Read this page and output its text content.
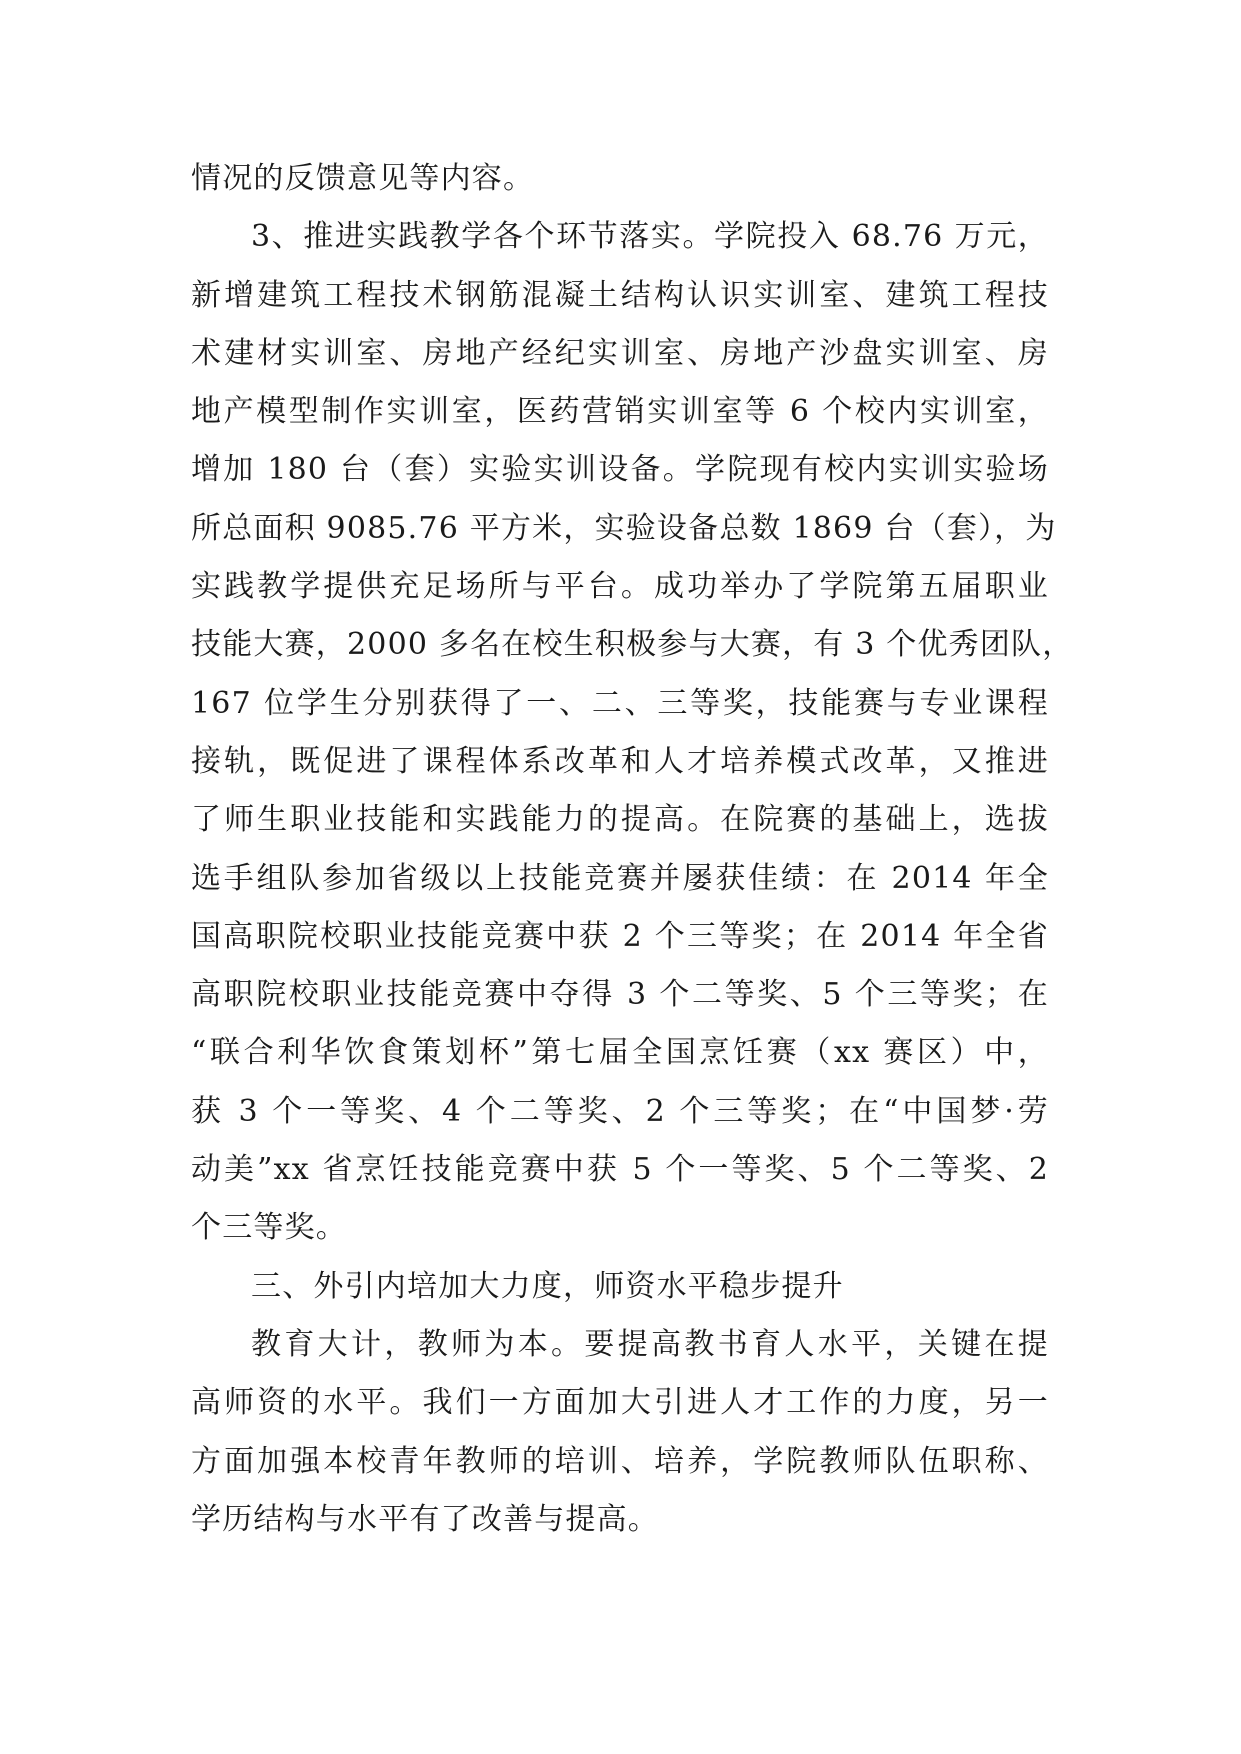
情况的反馈意见等内容。
3、推进实践教学各个环节落实。学院投入 68.76 万元，
新增建筑工程技术钢筋混凝土结构认识实训室、建筑工程技
术建材实训室、房地产经纪实训室、房地产沙盘实训室、房
地产模型制作实训室，医药营销实训室等 6 个校内实训室，
增加 180 台（套）实验实训设备。学院现有校内实训实验场
所总面积 9085.76 平方米，实验设备总数 1869 台（套），为
实践教学提供充足场所与平台。成功举办了学院第五届职业
技能大赛，2000 多名在校生积极参与大赛，有 3 个优秀团队，
167 位学生分别获得了一、二、三等奖，技能赛与专业课程
接轨，既促进了课程体系改革和人才培养模式改革，又推进
了师生职业技能和实践能力的提高。在院赛的基础上，选拔
选手组队参加省级以上技能竞赛并屡获佳绩：在 2014 年全
国高职院校职业技能竞赛中获 2 个三等奖；在 2014 年全省
高职院校职业技能竞赛中夺得 3 个二等奖、5 个三等奖；在
“联合利华饮食策划杯”第七届全国烹饪赛（xx 赛区）中，
获 3 个一等奖、4 个二等奖、2 个三等奖；在“中国梦·劳
动美”xx 省烹饪技能竞赛中获 5 个一等奖、5 个二等奖、2
个三等奖。
三、外引内培加大力度，师资水平稳步提升
教育大计，教师为本。要提高教书育人水平，关键在提
高师资的水平。我们一方面加大引进人才工作的力度，另一
方面加强本校青年教师的培训、培养，学院教师队伍职称、
学历结构与水平有了改善与提高。
